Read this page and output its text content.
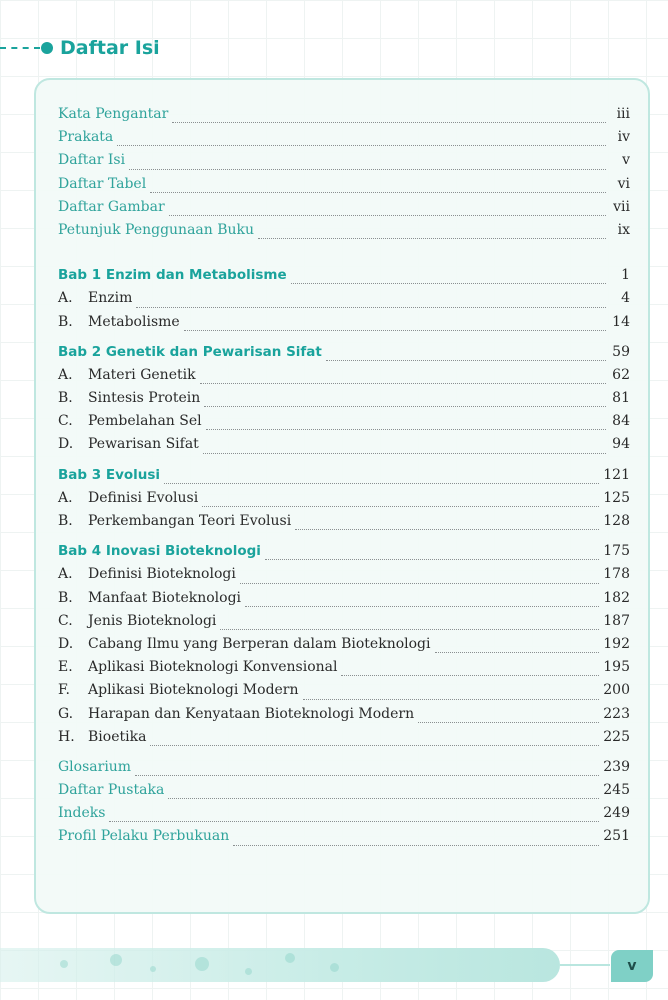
Daftar Isi
Kata Pengantar	iii
Prakata	iv
Daftar Isi	v
Daftar Tabel	vi
Daftar Gambar	vii
Petunjuk Penggunaan Buku	ix
Bab 1 Enzim dan Metabolisme	1
A. Enzim	4
B. Metabolisme	14
Bab 2 Genetik dan Pewarisan Sifat	59
A. Materi Genetik	62
B. Sintesis Protein	81
C. Pembelahan Sel	84
D. Pewarisan Sifat	94
Bab 3 Evolusi	121
A. Definisi Evolusi	125
B. Perkembangan Teori Evolusi	128
Bab 4 Inovasi Bioteknologi	175
A. Definisi Bioteknologi	178
B. Manfaat Bioteknologi	182
C. Jenis Bioteknologi	187
D. Cabang Ilmu yang Berperan dalam Bioteknologi	192
E. Aplikasi Bioteknologi Konvensional	195
F. Aplikasi Bioteknologi Modern	200
G. Harapan dan Kenyataan Bioteknologi Modern	223
H. Bioetika	225
Glosarium	239
Daftar Pustaka	245
Indeks	249
Profil Pelaku Perbukuan	251
v
